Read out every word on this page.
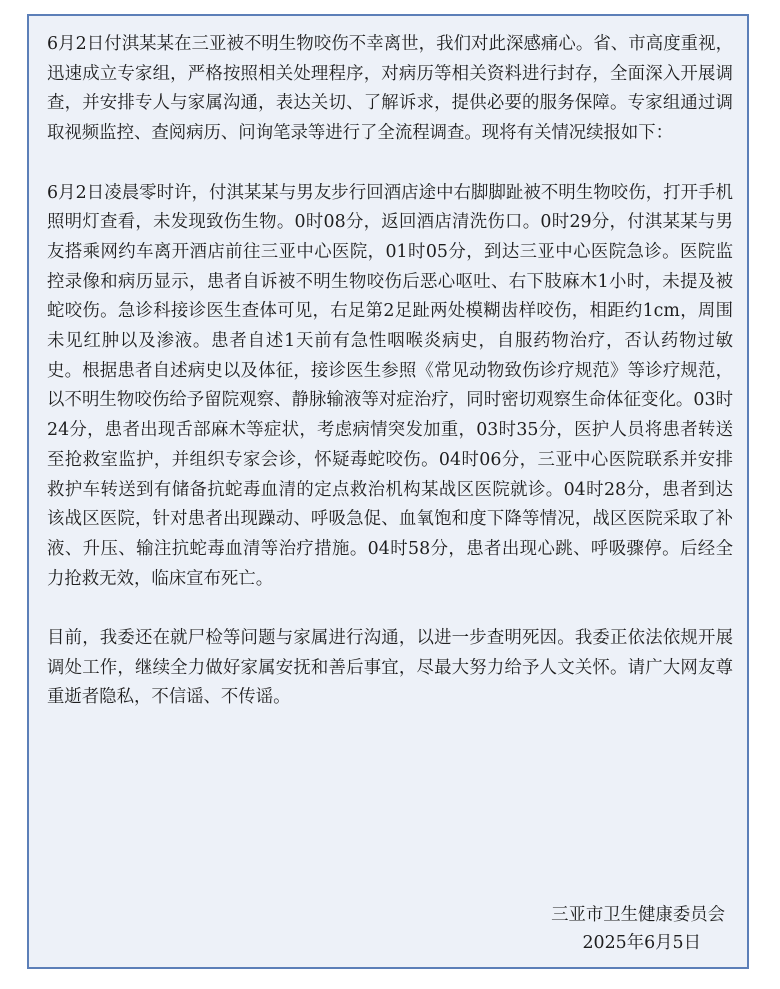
6月2日付淇某某在三亚被不明生物咬伤不幸离世，我们对此深感痛心。省、市高度重视，迅速成立专家组，严格按照相关处理程序，对病历等相关资料进行封存，全面深入开展调查，并安排专人与家属沟通，表达关切、了解诉求，提供必要的服务保障。专家组通过调取视频监控、查阅病历、问询笔录等进行了全流程调查。现将有关情况续报如下：

6月2日凌晨零时许，付淇某某与男友步行回酒店途中右脚脚趾被不明生物咬伤，打开手机照明灯查看，未发现致伤生物。0时08分，返回酒店清洗伤口。0时29分，付淇某某与男友搭乘网约车离开酒店前往三亚中心医院，01时05分，到达三亚中心医院急诊。医院监控录像和病历显示，患者自诉被不明生物咬伤后恶心呕吐、右下肢麻木1小时，未提及被蛇咬伤。急诊科接诊医生查体可见，右足第2足趾两处模糊齿样咬伤，相距约1cm，周围未见红肿以及渗液。患者自述1天前有急性咽喉炎病史，自服药物治疗，否认药物过敏史。根据患者自述病史以及体征，接诊医生参照《常见动物致伤诊疗规范》等诊疗规范，以不明生物咬伤给予留院观察、静脉输液等对症治疗，同时密切观察生命体征变化。03时24分，患者出现舌部麻木等症状，考虑病情突发加重，03时35分，医护人员将患者转送至抢救室监护，并组织专家会诊，怀疑毒蛇咬伤。04时06分，三亚中心医院联系并安排救护车转送到有储备抗蛇毒血清的定点救治机构某战区医院就诊。04时28分，患者到达该战区医院，针对患者出现躁动、呼吸急促、血氧饱和度下降等情况，战区医院采取了补液、升压、输注抗蛇毒血清等治疗措施。04时58分，患者出现心跳、呼吸骤停。后经全力抢救无效，临床宣布死亡。

目前，我委还在就尸检等问题与家属进行沟通，以进一步查明死因。我委正依法依规开展调处工作，继续全力做好家属安抚和善后事宜，尽最大努力给予人文关怀。请广大网友尊重逝者隐私，不信谣、不传谣。

三亚市卫生健康委员会
2025年6月5日
